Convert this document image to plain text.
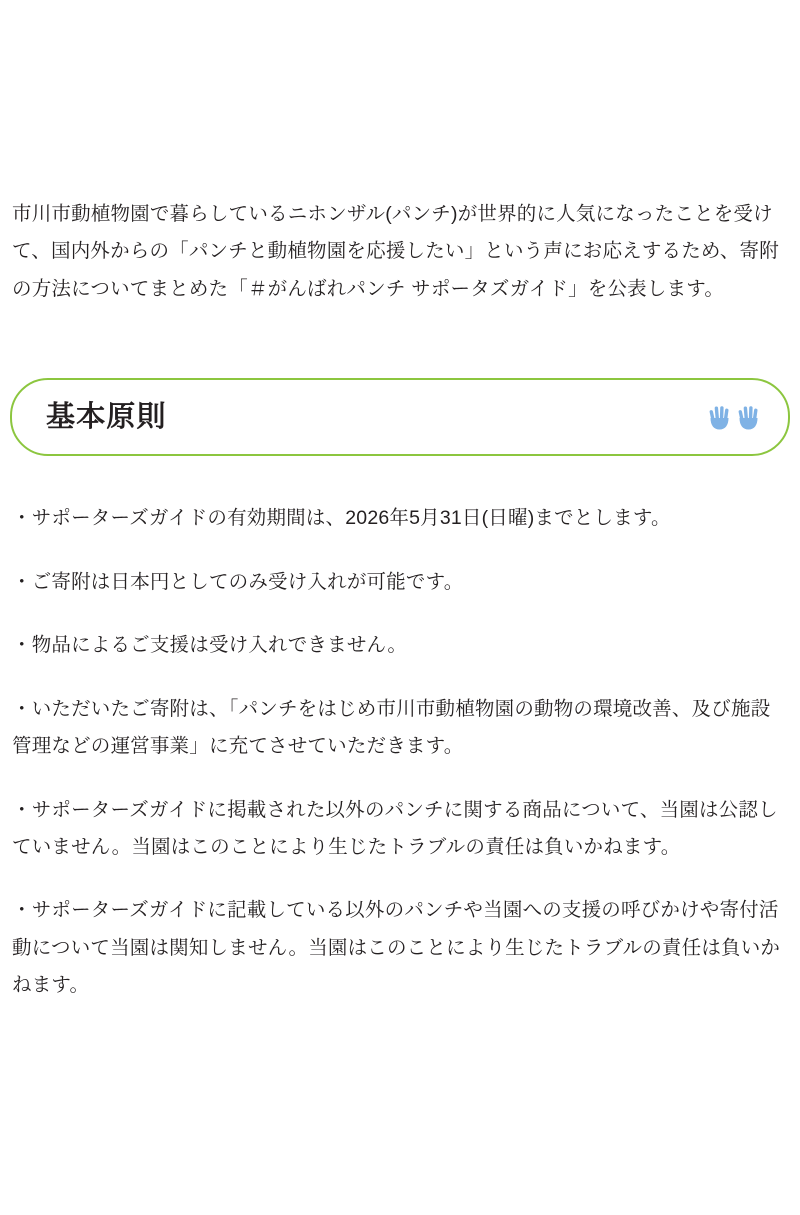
市川市動植物園で暮らしているニホンザル(パンチ)が世界的に人気になったことを受けて、国内外からの「パンチと動植物園を応援したい」という声にお応えするため、寄附の方法についてまとめた「＃がんばれパンチ サポータズガイド」を公表します。

基本原則
・サポーターズガイドの有効期間は、2026年5月31日(日曜)までとします。
・ご寄附は日本円としてのみ受け入れが可能です。
・物品によるご支援は受け入れできません。
・いただいたご寄附は、「パンチをはじめ市川市動植物園の動物の環境改善、及び施設管理などの運営事業」に充てさせていただきます。
・サポーターズガイドに掲載された以外のパンチに関する商品について、当園は公認していません。当園はこのことにより生じたトラブルの責任は負いかねます。
・サポーターズガイドに記載している以外のパンチや当園への支援の呼びかけや寄付活動について当園は関知しません。当園はこのことにより生じたトラブルの責任は負いかねます。
